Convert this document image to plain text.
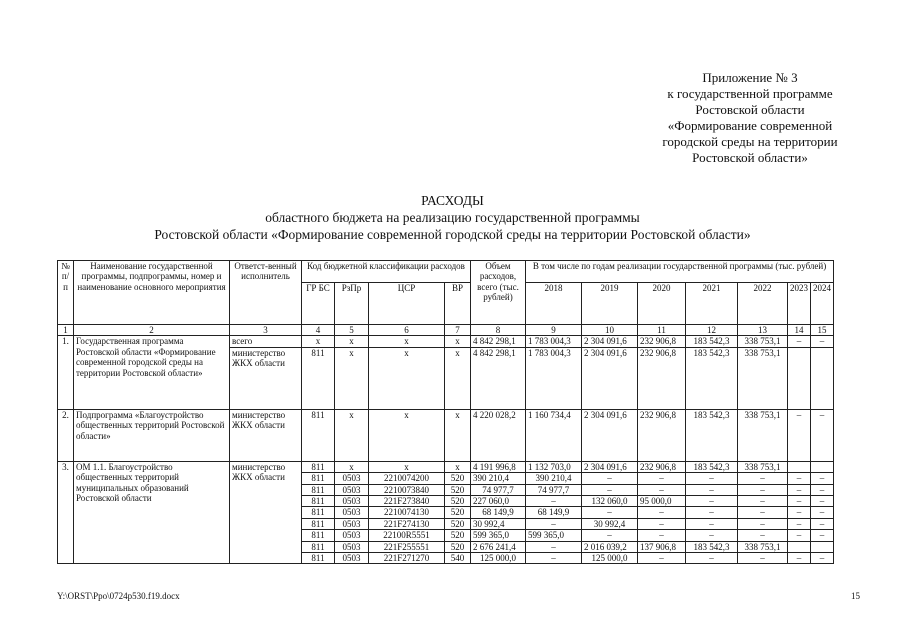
Приложение № 3
к государственной программе
Ростовской области
«Формирование современной
городской среды на территории
Ростовской области»
РАСХОДЫ
областного бюджета на реализацию государственной программы
Ростовской области «Формирование современной городской среды на территории Ростовской области»
№ п/п	Наименование государственной программы, подпрограммы, номер и наименование основного мероприятия	Ответст-венный исполнитель	Код бюджетной классификации расходов				Объем расходов, всего (тыс. рублей)	В том числе по годам реализации государственной программы (тыс. рублей)						
			ГР БС	РзПр	ЦСР	ВР		2018	2019	2020	2021	2022	2023	2024
1	2	3	4	5	6	7	8	9	10	11	12	13	14	15
1.	Государственная программа Ростовской области «Формирование современной городской среды на территории Ростовской области»	всего	x	x	x	x	4 842 298,1	1 783 004,3	2 304 091,6	232 906,8	183 542,3	338 753,1	–	–
		министерство ЖКХ области	811	x	x	x	4 842 298,1	1 783 004,3	2 304 091,6	232 906,8	183 542,3	338 753,1		
2.	Подпрограмма «Благоустройство общественных территорий Ростовской области»	министерство ЖКХ области	811	x	x	x	4 220 028,2	1 160 734,4	2 304 091,6	232 906,8	183 542,3	338 753,1	–	–
3.	ОМ 1.1. Благоустройство общественных территорий муниципальных образований Ростовской области	министерство ЖКХ области	811	x	x	x	4 191 996,8	1 132 703,0	2 304 091,6	232 906,8	183 542,3	338 753,1		
			811	0503	2210074200	520	390 210,4	390 210,4	–	–	–	–	–	–
			811	0503	2210073840	520	74 977,7	74 977,7	–	–	–	–	–	–
			811	0503	221F273840	520	227 060,0	–	132 060,0	95 000,0	–	–	–	–
			811	0503	2210074130	520	68 149,9	68 149,9	–	–	–	–	–	–
			811	0503	221F274130	520	30 992,4	–	30 992,4	–	–	–	–	–
			811	0503	22100R5551	520	599 365,0	599 365,0	–	–	–	–	–	–
			811	0503	221F255551	520	2 676 241,4	–	2 016 039,2	137 906,8	183 542,3	338 753,1		
			811	0503	221F271270	540	125 000,0	–	125 000,0	–	–	–	–	–
Y:\ORST\Ppo\0724p530.f19.docx	15
